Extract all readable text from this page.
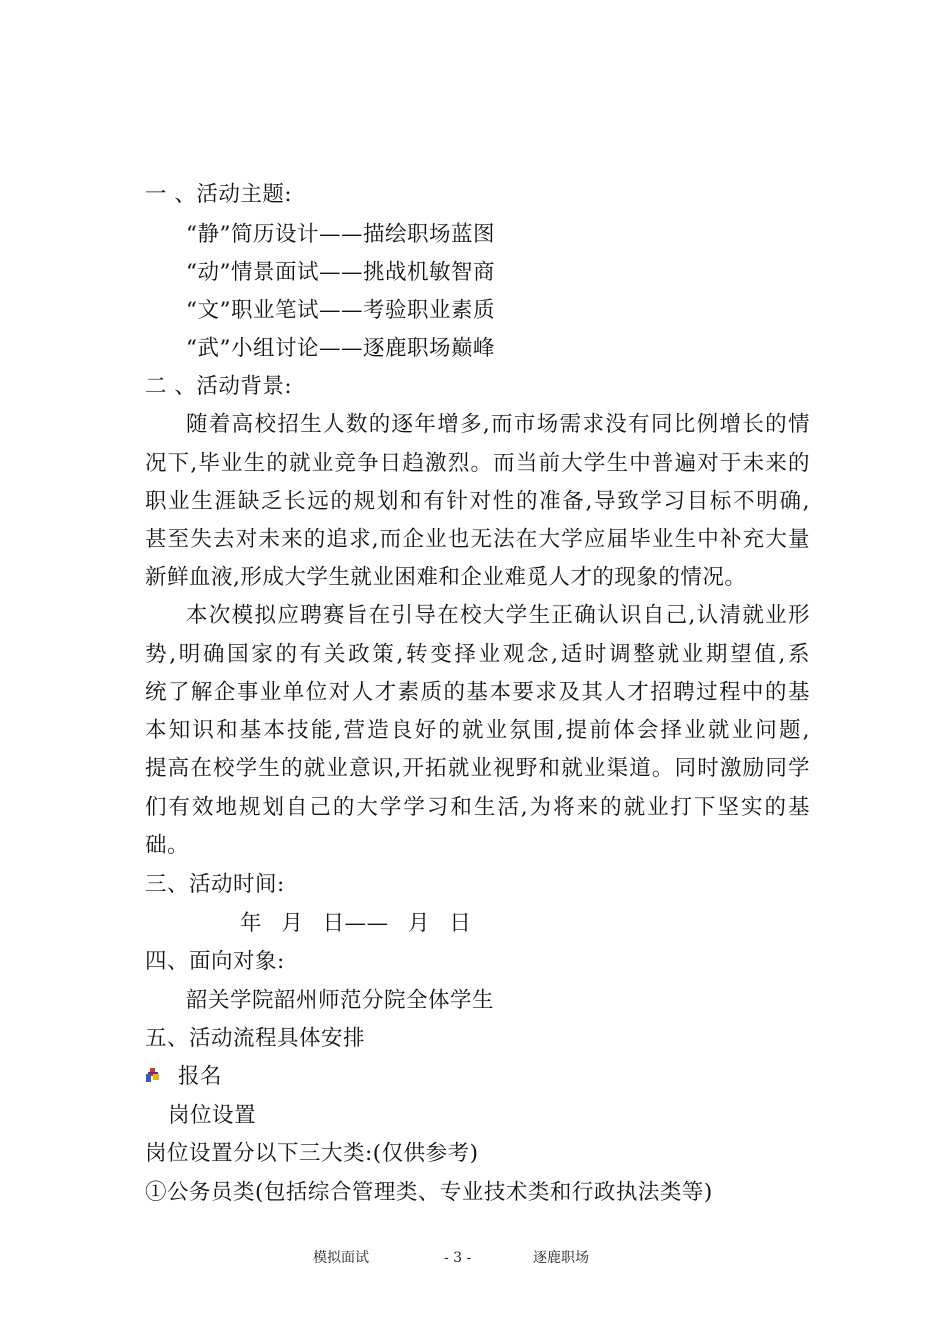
一 、活动主题:
“静”简历设计——描绘职场蓝图
“动”情景面试——挑战机敏智商
“文”职业笔试——考验职业素质
“武”小组讨论——逐鹿职场巅峰
二 、活动背景:
随着高校招生人数的逐年增多,而市场需求没有同比例增长的情
况下,毕业生的就业竞争日趋激烈。而当前大学生中普遍对于未来的
职业生涯缺乏长远的规划和有针对性的准备,导致学习目标不明确,
甚至失去对未来的追求,而企业也无法在大学应届毕业生中补充大量
新鲜血液,形成大学生就业困难和企业难觅人才的现象的情况。
本次模拟应聘赛旨在引导在校大学生正确认识自己,认清就业形
势,明确国家的有关政策,转变择业观念,适时调整就业期望值,系
统了解企事业单位对人才素质的基本要求及其人才招聘过程中的基
本知识和基本技能,营造良好的就业氛围,提前体会择业就业问题,
提高在校学生的就业意识,开拓就业视野和就业渠道。同时激励同学
们有效地规划自己的大学学习和生活,为将来的就业打下坚实的基
础。
三、活动时间:
年 月 日—— 月 日
四、面向对象:
韶关学院韶州师范分院全体学生
五、活动流程具体安排
报名
岗位设置
岗位设置分以下三大类:(仅供参考)
①公务员类(包括综合管理类、专业技术类和行政执法类等)
模拟面试	- 3 -	逐鹿职场
